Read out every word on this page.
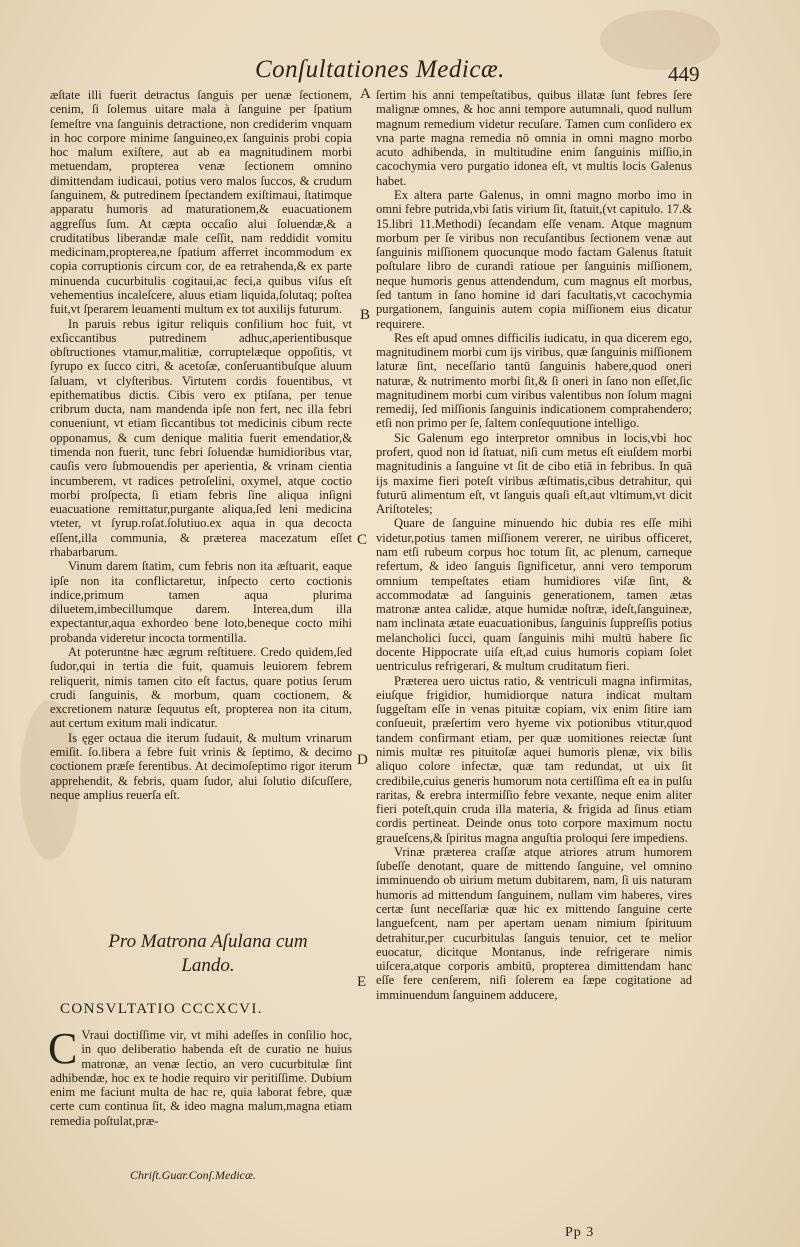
Conſultationes Medicæ.	449

æſtate illi fuerit detractus ſanguis per uenæ ſectionem, cenim, ſi ſolemus uitare mala à ſanguine per ſpatium ſemeſtre vna ſanguinis detractione, non crediderim vnquam in hoc corpore minime ſanguineo,ex ſanguinis probi copia hoc malum exiſtere, aut ab ea magnitudinem morbi metuendam, propterea venæ ſectionem omnino dimittendam iudicaui, potius vero malos ſuccos, & crudum ſanguinem, & putredinem ſpectandem exiſtimaui, ſtatimque apparatu humoris ad maturationem,& euacuationem aggreſſus ſum. At cæpta occaſio alui ſoluendæ,& a cruditatibus liberandæ male ceſſit, nam reddidit vomitu medicinam,propterea,ne ſpatium afferret incommodum ex copia corruptionis circum cor, de ea retrahenda,& ex parte minuenda cucurbitulis cogitaui,ac feci,a quibus viſus eſt vehementius incaleſcere, aluus etiam liquida,ſolutaq; poſtea fuit,vt ſperarem leuamenti multum ex tot auxilijs futurum.

In paruis rebus igitur reliquis conſilium hoc fuit, vt exſiccantibus putredinem adhuc,aperientibusque obſtructiones vtamur,malitiæ, corruptelæque oppoſitis, vt ſyrupo ex ſucco citri, & acetoſæ, conſeruantibuſque aluum ſaluam, vt clyſteribus. Virtutem cordis fouentibus, vt epithematibus dictis. Cibis vero ex ptiſana, per tenue cribrum ducta, nam mandenda ipſe non fert, nec illa febri conueniunt, vt etiam ſiccantibus tot medicinis cibum recte opponamus, & cum denique malitia fuerit emendatior,& timenda non fuerit, tunc febri ſoluendæ humidioribus vtar, cauſis vero ſubmouendis per aperientia, & vrinam cientia incumberem, vt radices petroſelini, oxymel, atque coctio morbi proſpecta, ſi etiam febris ſine aliqua inſigni euacuatione remittatur,purgante aliqua,ſed leni medicina vteter, vt ſyrup.roſat.ſolutiuo.ex aqua in qua decocta eſſent,illa communia, & præterea macezatum eſſet rhabarbarum.

Vinum darem ſtatim, cum febris non ita æſtuarit, eaque ipſe non ita conflictaretur, inſpecto certo coctionis indice,primum tamen aqua plurima diluetem,imbecillumque darem. Interea,dum illa expectantur,aqua exhordeo bene loto,beneque cocto mihi probanda videretur incocta tormentilla.

At poteruntne hæc ægrum reſtituere. Credo quidem,ſed ſudor,qui in tertia die fuit, quamuis leuiorem febrem reliquerit, nimis tamen cito eſt factus, quare potius ſerum crudi ſanguinis, & morbum, quam coctionem, & excretionem naturæ ſequutus eſt, propterea non ita citum, aut certum exitum mali indicatur.

Is ęger octaua die iterum ſudauit, & multum vrinarum emiſit. ſo.libera a febre fuit vrinis & ſeptimo, & decimo coctionem præſe ferentibus. At decimoſeptimo rigor iterum apprehendit, & febris, quam ſudor, alui ſolutio diſcuſſere, neque amplius reuerſa eſt.

A
B
C
D
E
Pro Matrona Aſulana cum
Lando.
CONSVLTATIO CCCXCVI.
C Vraui doctiſſime vir, vt mihi adeſſes in conſilio hoc, in quo deliberatio habenda eſt de curatio ne huius matronæ, an venæ ſectio, an vero cucurbitulæ ſint adhibendæ, hoc ex te hodie requiro vir peritiſſime. Dubium enim me faciunt multa de hac re, quia laborat febre, quæ certe cum continua ſit, & ideo magna malum,magna etiam remedia poſtulat,præ-
Chriſt.Guar.Conſ.Medicæ.

ſertim his anni tempeſtatibus, quibus illatæ ſunt febres ſere malignæ omnes, & hoc anni tempore autumnali, quod nullum magnum remedium videtur recuſare. Tamen cum conſidero ex vna parte magna remedia nō omnia in omni magno morbo acuto adhibenda, in multitudine enim ſanguinis miſſio,in cacochymia vero purgatio idonea eſt, vt multis locis Galenus habet.

Ex altera parte Galenus, in omni magno morbo imo in omni febre putrida,vbi ſatis virium ſit, ſtatuit,(vt capitulo. 17.& 15.libri 11.Methodi) ſecandam eſſe venam. Atque magnum morbum per ſe viribus non recuſantibus ſectionem venæ aut ſanguinis miſſionem quocunque modo factam Galenus ſtatuit poſtulare libro de curandi ratioue per ſanguinis miſſionem, neque humoris genus attendendum, cum magnus eſt morbus, ſed tantum in ſano homine id dari facultatis,vt cacochymia purgationem, ſanguinis autem copia miſſionem eius dicatur requirere.

Res eſt apud omnes difficilis iudicatu, in qua dicerem ego, magnitudinem morbi cum ijs viribus, quæ ſanguinis miſſionem laturæ ſint, neceſſario tantū ſanguinis habere,quod oneri naturæ, & nutrimento morbi ſit,& ſi oneri in ſano non eſſet,ſic magnitudinem morbi cum viribus valentibus non ſolum magni remedij, ſed miſſionis ſanguinis indicationem comprahendero; etſi non primo per ſe, ſaltem conſequutione intelligo.

Sic Galenum ego interpretor omnibus in locis,vbi hoc profert, quod non id ſtatuat, niſi cum metus eſt eiuſdem morbi magnitudinis a ſanguine vt ſit de cibo etiā in febribus. In quā ijs maxime fieri poteſt viribus æſtimatis,cibus detrahitur, qui futurū alimentum eſt, vt ſanguis quaſi eſt,aut vltimum,vt dicit Ariſtoteles;

Quare de ſanguine minuendo hic dubia res eſſe mihi videtur,potius tamen miſſionem vererer, ne uiribus officeret, nam etſi rubeum corpus hoc totum ſit, ac plenum, carneque refertum, & ideo ſanguis ſignificetur, anni vero temporum omnium tempeſtates etiam humidiores viſæ ſint, & accommodatæ ad ſanguinis generationem, tamen ætas matronæ antea calidæ, atque humidæ noſtræ, ideſt,ſanguineæ, nam inclinata ætate euacuationibus, ſanguinis ſuppreſſis potius melancholici ſucci, quam ſanguinis mihi multū habere ſic docente Hippocrate uiſa eſt,ad cuius humoris copiam ſolet uentriculus refrigerari, & multum cruditatum fieri.

Præterea uero uictus ratio, & ventriculi magna infirmitas, eiuſque frigidior, humidiorque natura indicat multam ſuggeſtam eſſe in venas pituitæ copiam, vix enim ſitire iam conſueuit, præſertim vero hyeme vix potionibus vtitur,quod tandem confirmant etiam, per quæ uomitiones reiectæ ſunt nimis multæ res pituitoſæ aquei humoris plenæ, vix bilis aliquo colore infectæ, quæ tam redundat, ut uix ſit credibile,cuius generis humorum nota certiſſima eſt ea in pulſu raritas, & erebra intermiſſio febre vexante, neque enim aliter fieri poteſt,quin cruda illa materia, & frigida ad ſinus etiam cordis pertineat. Deinde onus toto corpore maximum noctu graueſcens,& ſpiritus magna anguſtia proloqui ſere impediens.

Vrinæ præterea craſſæ atque atriores atrum humorem ſubeſſe denotant, quare de mittendo ſanguine, vel omnino imminuendo ob uirium metum dubitarem, nam, ſi uis naturam humoris ad mittendum ſanguinem, nullam vim haberes, vires certæ ſunt neceſſariæ quæ hic ex mittendo ſanguine certe languefcent, nam per apertam uenam nimium ſpirituum detrahitur,per cucurbitulas ſanguis tenuior, cet te melior euocatur, dicitque Montanus, inde refrigerare nimis uiſcera,atque corporis ambitū, propterea dimittendam hanc eſſe fere cenſerem, niſi ſolerem ea ſæpe cogitatione ad imminuendum ſanguinem adducere,

Pp 3
